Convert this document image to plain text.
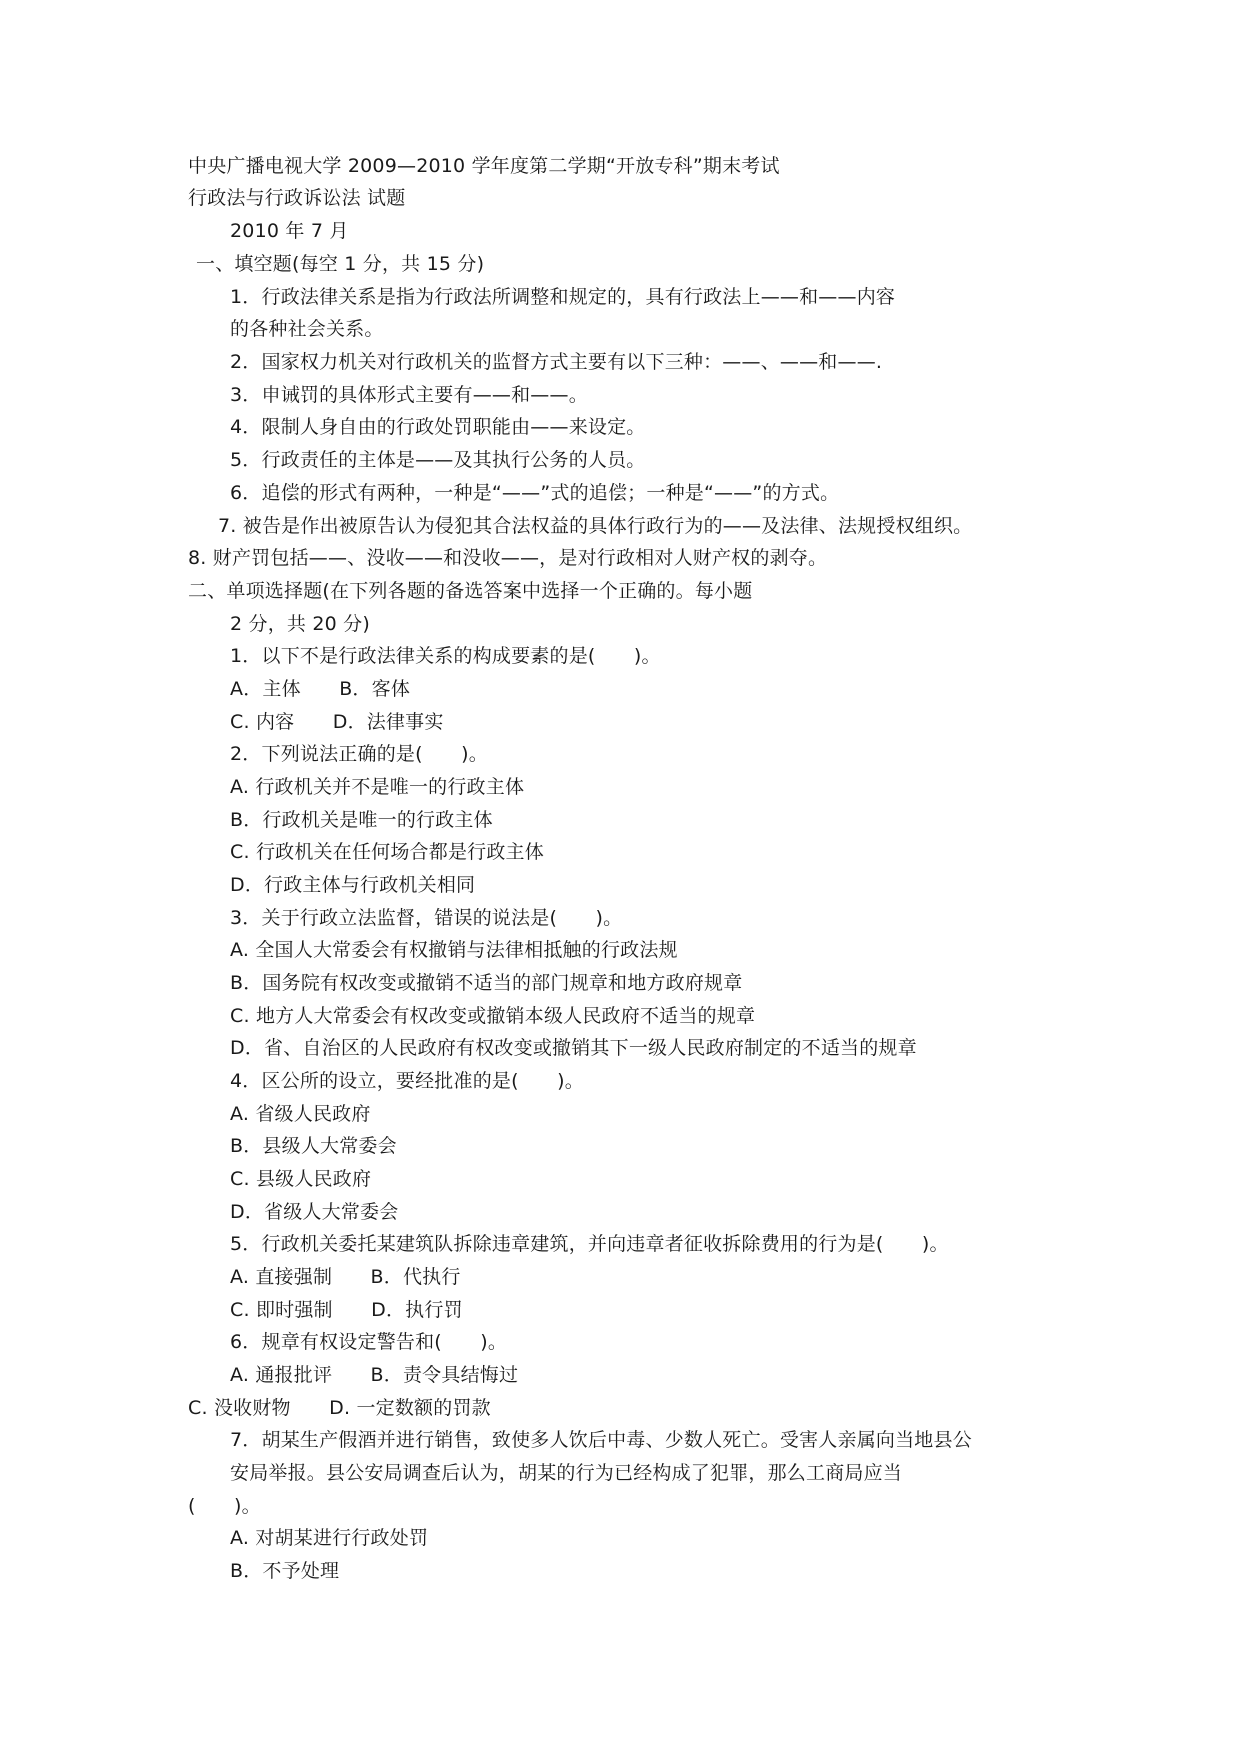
中央广播电视大学 2009—2010 学年度第二学期“开放专科”期末考试
行政法与行政诉讼法 试题
2010 年 7 月
一、填空题(每空 1 分，共 15 分)
1．行政法律关系是指为行政法所调整和规定的，具有行政法上——和——内容
的各种社会关系。
2．国家权力机关对行政机关的监督方式主要有以下三种：——、——和——.
3．申诫罚的具体形式主要有——和——。
4．限制人身自由的行政处罚职能由——来设定。
5．行政责任的主体是——及其执行公务的人员。
6．追偿的形式有两种，一种是“——”式的追偿；一种是“——”的方式。
7. 被告是作出被原告认为侵犯其合法权益的具体行政行为的——及法律、法规授权组织。
8. 财产罚包括——、没收——和没收——，是对行政相对人财产权的剥夺。
二、单项选择题(在下列各题的备选答案中选择一个正确的。每小题
2 分，共 20 分)
1．以下不是行政法律关系的构成要素的是(　　)。
A．主体　　B．客体
C. 内容　　D．法律事实
2．下列说法正确的是(　　)。
A. 行政机关并不是唯一的行政主体
B．行政机关是唯一的行政主体
C. 行政机关在任何场合都是行政主体
D．行政主体与行政机关相同
3．关于行政立法监督，错误的说法是(　　)。
A. 全国人大常委会有权撤销与法律相抵触的行政法规
B．国务院有权改变或撤销不适当的部门规章和地方政府规章
C. 地方人大常委会有权改变或撤销本级人民政府不适当的规章
D．省、自治区的人民政府有权改变或撤销其下一级人民政府制定的不适当的规章
4．区公所的设立，要经批准的是(　　)。
A. 省级人民政府
B．县级人大常委会
C. 县级人民政府
D．省级人大常委会
5．行政机关委托某建筑队拆除违章建筑，并向违章者征收拆除费用的行为是(　　)。
A. 直接强制　　B．代执行
C. 即时强制　　D．执行罚
6．规章有权设定警告和(　　)。
A. 通报批评　　B．责令具结悔过
C. 没收财物　　D. 一定数额的罚款
7．胡某生产假酒并进行销售，致使多人饮后中毒、少数人死亡。受害人亲属向当地县公
安局举报。县公安局调查后认为，胡某的行为已经构成了犯罪，那么工商局应当
(　　)。
A. 对胡某进行行政处罚
B．不予处理
